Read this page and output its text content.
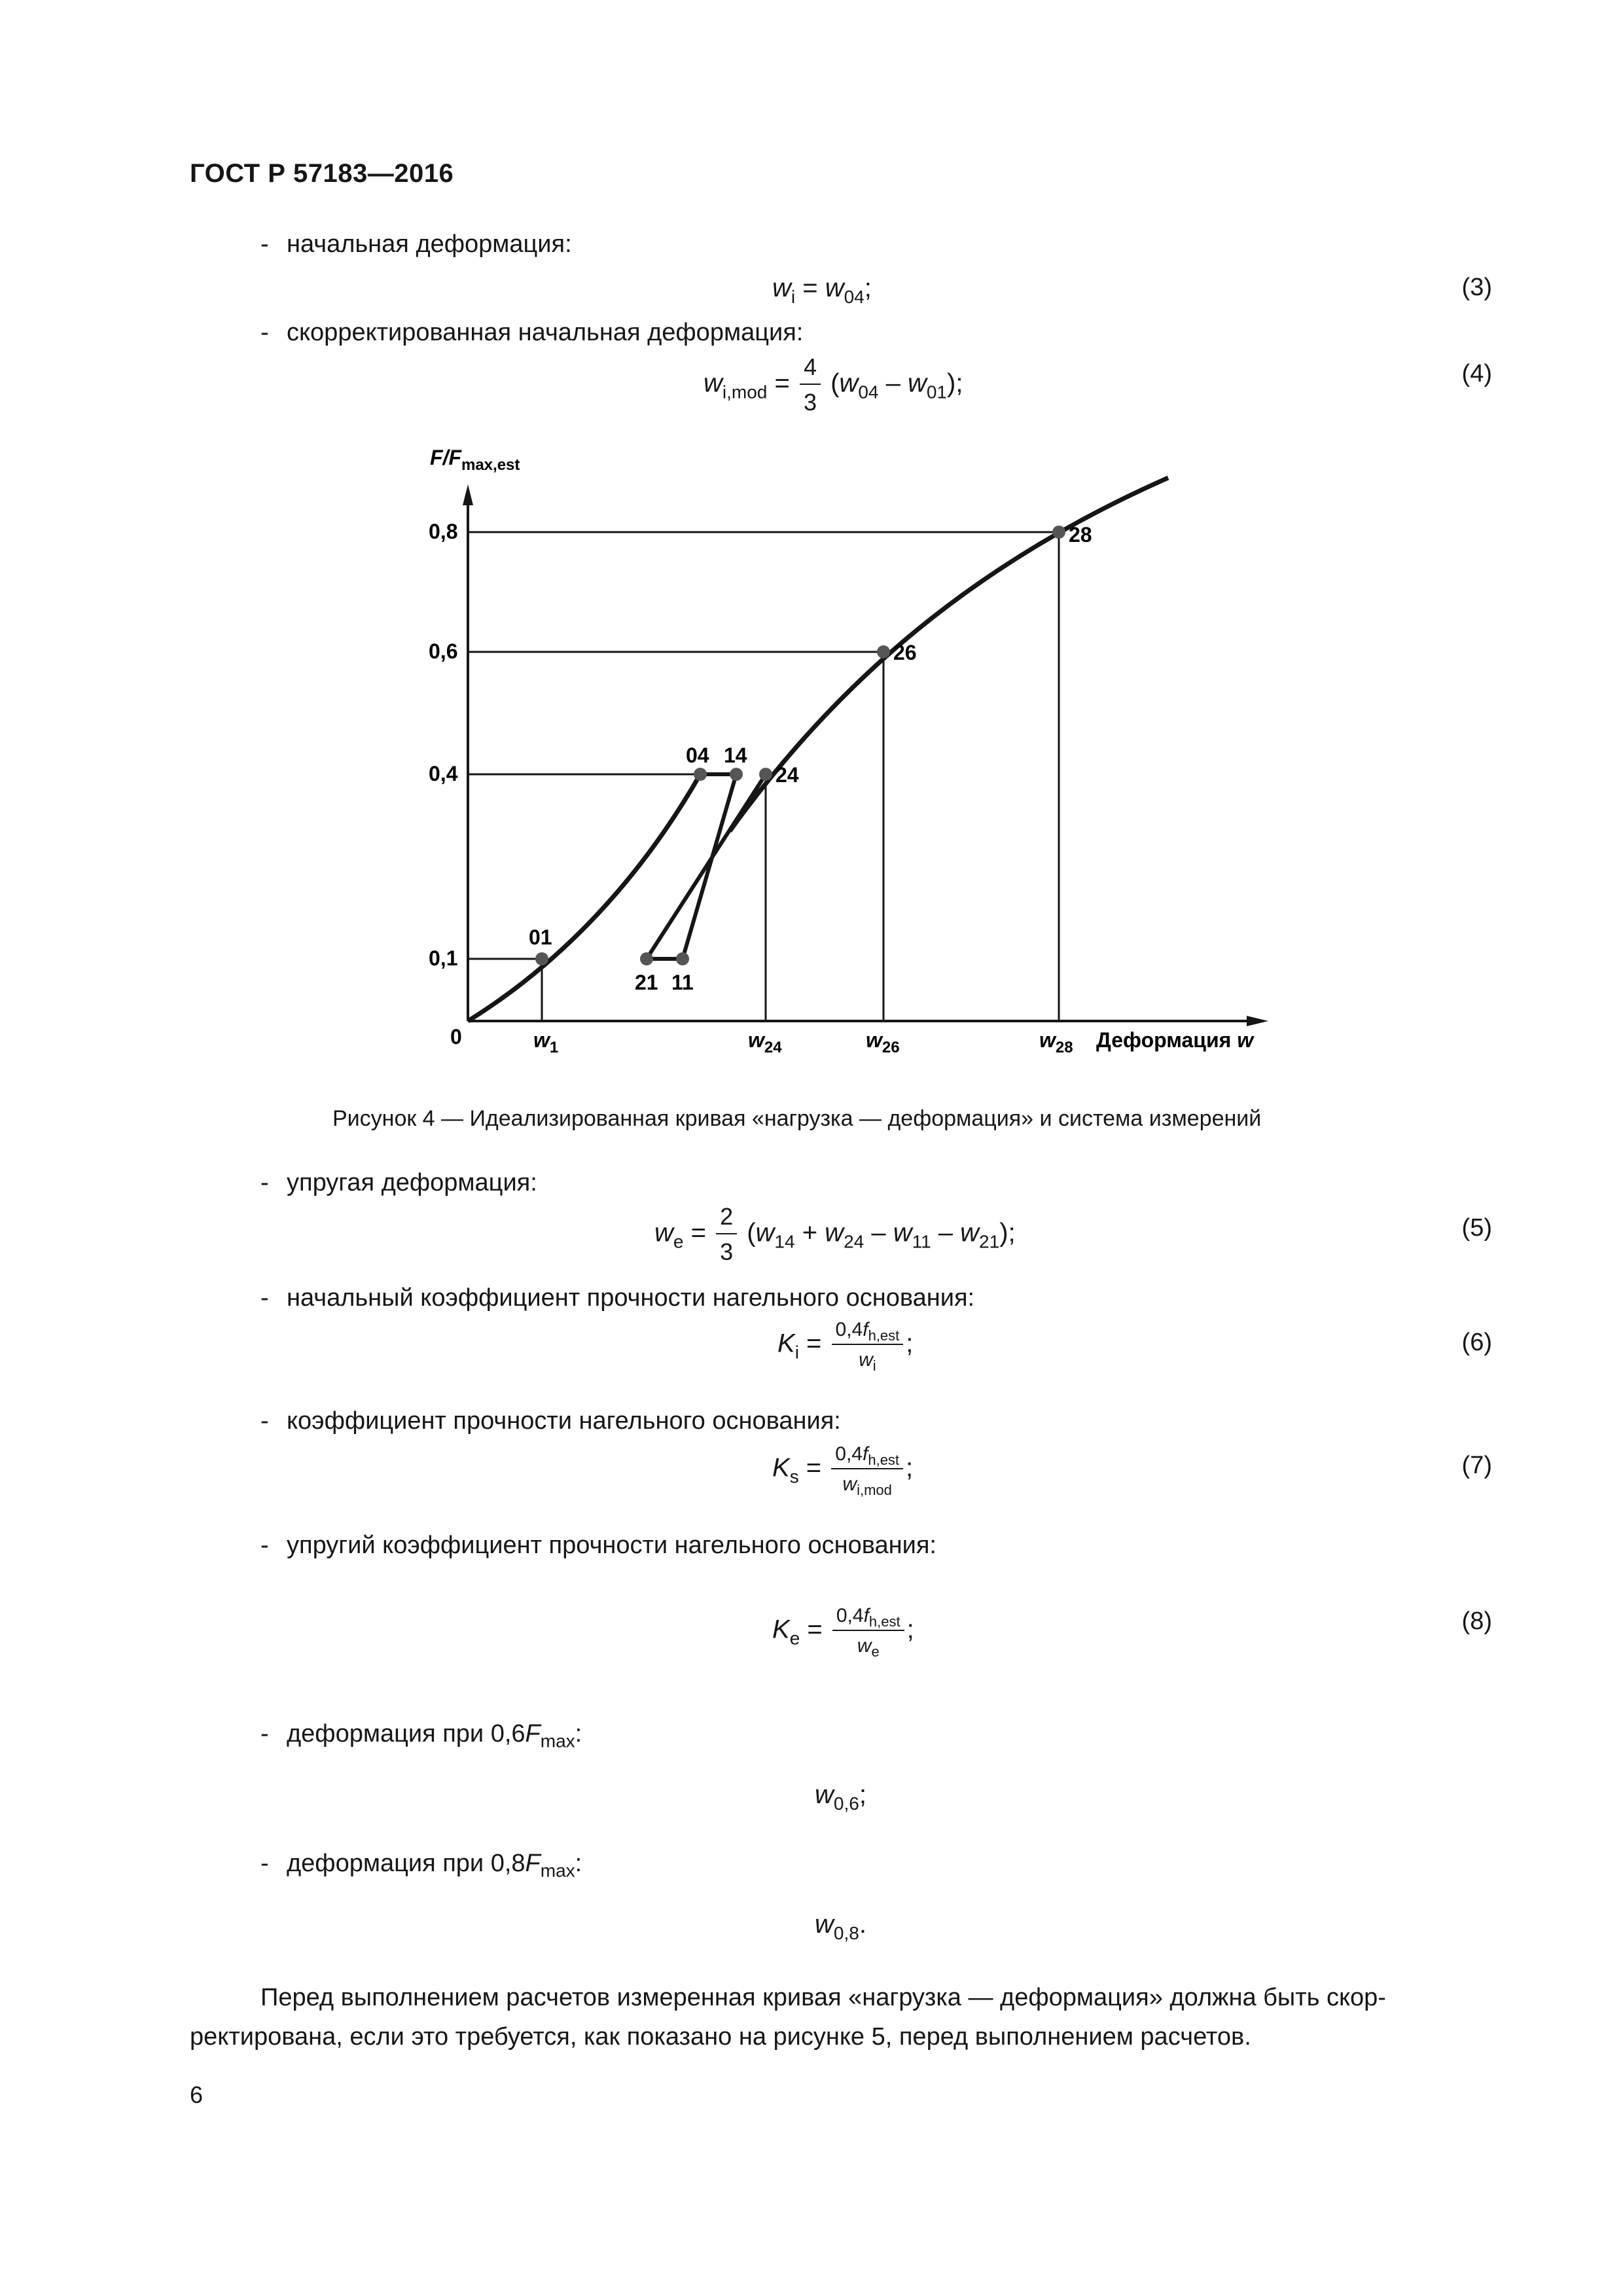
ГОСТ Р 57183—2016
- начальная деформация:
$w_i = w_{04}$;	(3)
- скорректированная начальная деформация:
$w_{i,mod} = \frac{4}{3} (w_{04} - w_{01})$;	(4)
$F/F_{max,est}$
0,1
0,4
0,6
0,8
0	$w_1$	$w_{24}$	$w_{26}$	$w_{28}$ Деформация w
01
04 14
24
21 11
26
28
Рисунок 4 — Идеализированная кривая «нагрузка — деформация» и система измерений
- упругая деформация:
$w_e = \frac{2}{3} (w_{14} + w_{24} - w_{11} - w_{21})$;	(5)
- начальный коэффициент прочности нагельного основания:
$K_i = \frac{0,4f_{h,est}}{w_i}$ ;	(6)
- коэффициент прочности нагельного основания:
$K_s = \frac{0,4f_{h,est}}{w_{i,mod}}$ ;	(7)
- упругий коэффициент прочности нагельного основания:
$K_e = \frac{0,4f_{h,est}}{w_e}$ ;	(8)
- деформация при $0,6F_{max}$:
$w_{0,6}$;
- деформация при $0,8F_{max}$:
$w_{0,8}$.
Перед выполнением расчетов измеренная кривая «нагрузка — деформация» должна быть скор-
ректирована, если это требуется, как показано на рисунке 5, перед выполнением расчетов.
6
